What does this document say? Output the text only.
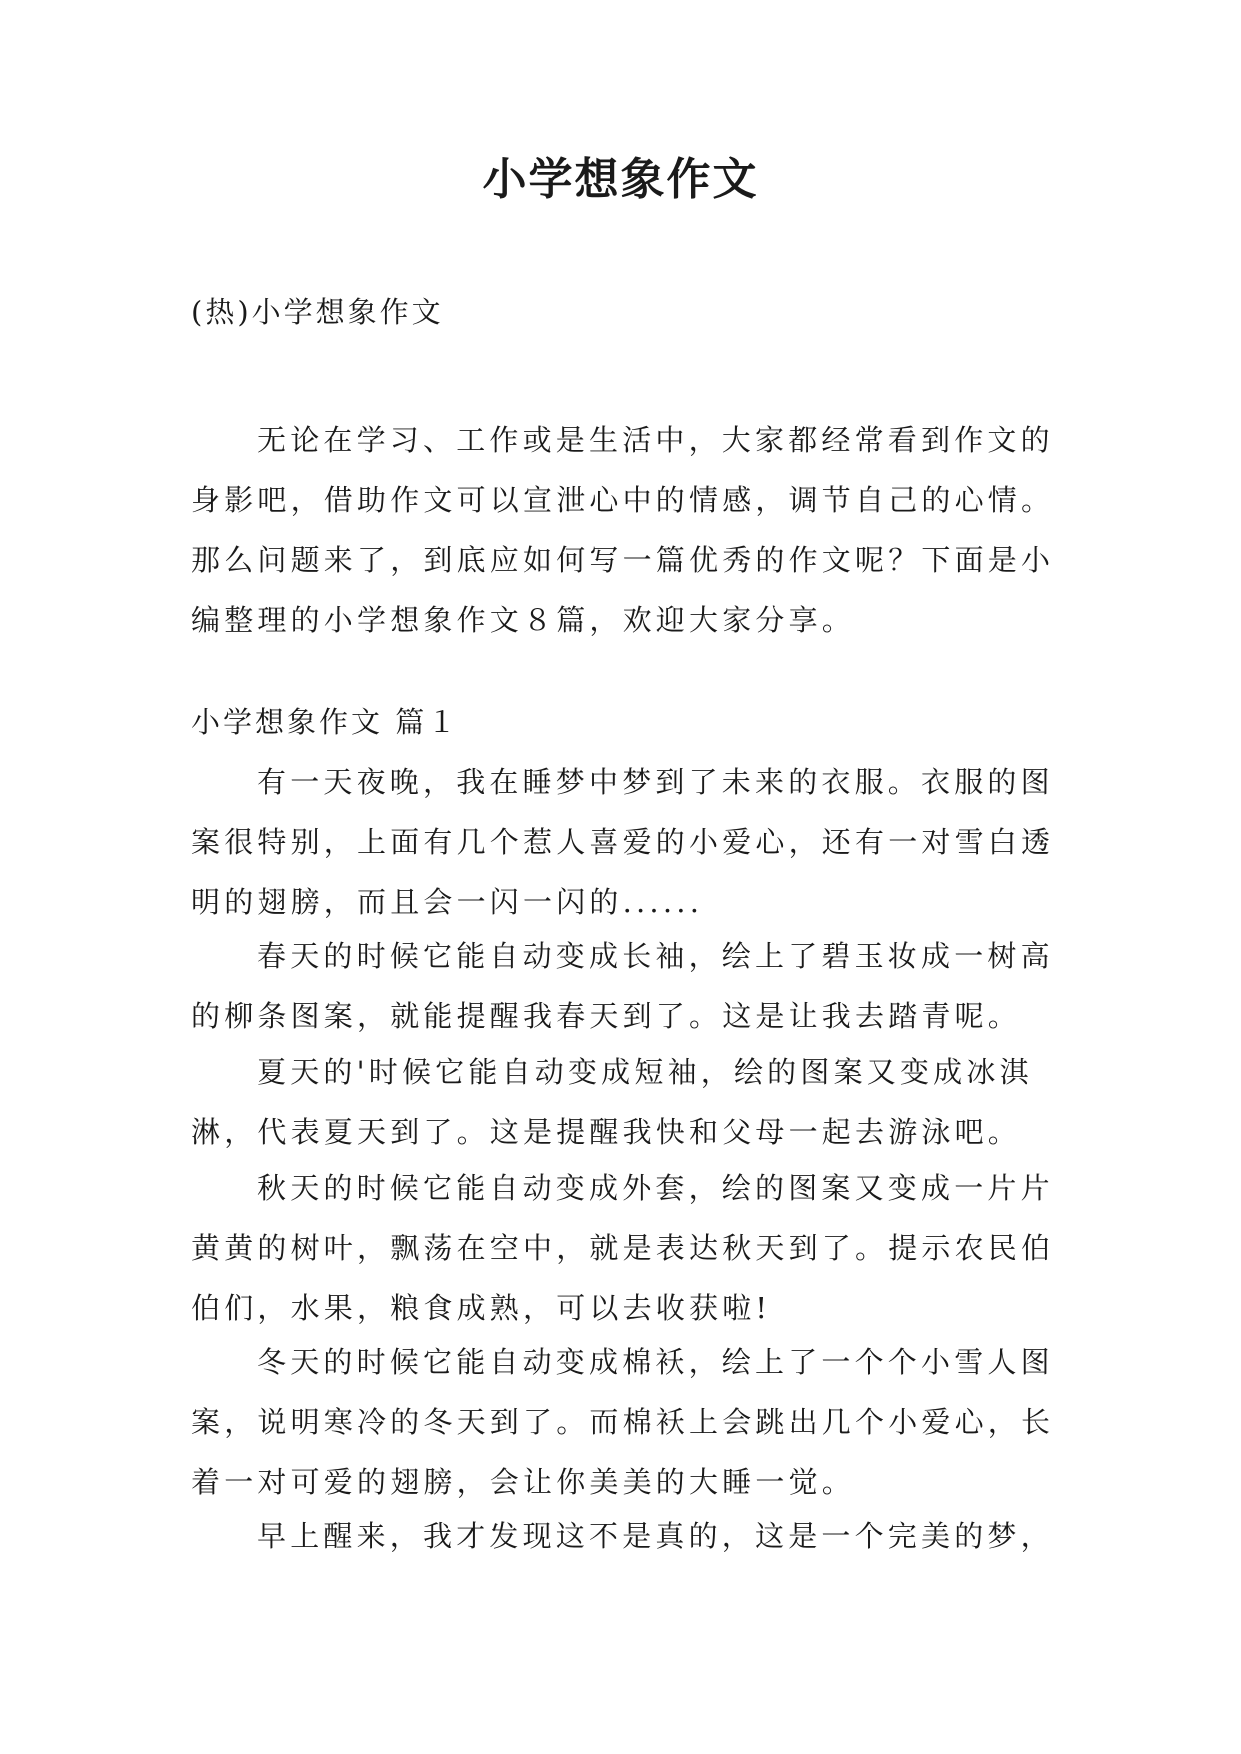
小学想象作文
(热)小学想象作文
无论在学习、工作或是生活中，大家都经常看到作文的
身影吧，借助作文可以宣泄心中的情感，调节自己的心情。
那么问题来了，到底应如何写一篇优秀的作文呢？下面是小
编整理的小学想象作文８篇，欢迎大家分享。
小学想象作文 篇１
有一天夜晚，我在睡梦中梦到了未来的衣服。衣服的图
案很特别，上面有几个惹人喜爱的小爱心，还有一对雪白透
明的翅膀，而且会一闪一闪的......
春天的时候它能自动变成长袖，绘上了碧玉妆成一树高
的柳条图案，就能提醒我春天到了。这是让我去踏青呢。
夏天的'时候它能自动变成短袖，绘的图案又变成冰淇
淋，代表夏天到了。这是提醒我快和父母一起去游泳吧。
秋天的时候它能自动变成外套，绘的图案又变成一片片
黄黄的树叶，飘荡在空中，就是表达秋天到了。提示农民伯
伯们，水果，粮食成熟，可以去收获啦!
冬天的时候它能自动变成棉袄，绘上了一个个小雪人图
案，说明寒冷的冬天到了。而棉袄上会跳出几个小爱心，长
着一对可爱的翅膀，会让你美美的大睡一觉。
早上醒来，我才发现这不是真的，这是一个完美的梦，
